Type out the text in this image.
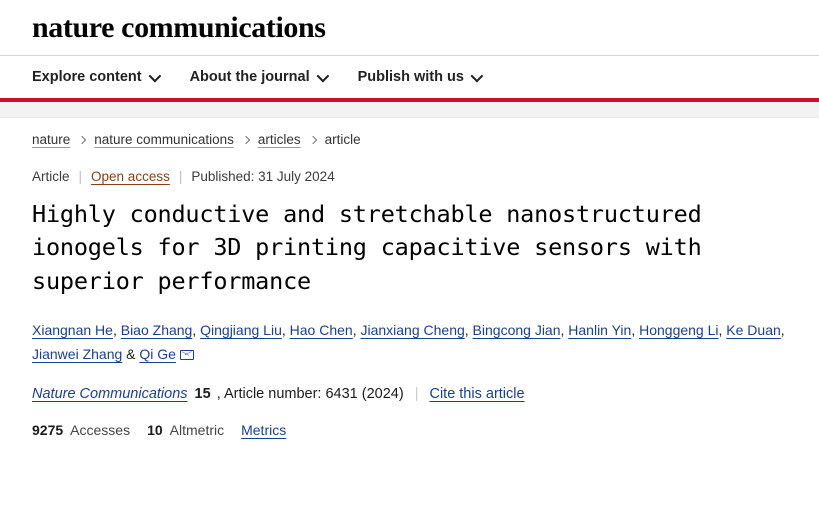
nature communications
Explore content	About the journal	Publish with us
nature nature communications articles article
Article | Open access | Published: 31 July 2024
Highly conductive and stretchable nanostructured ionogels for 3D printing capacitive sensors with superior performance
Xiangnan He, Biao Zhang, Qingjiang Liu, Hao Chen, Jianxiang Cheng, Bingcong Jian, Hanlin Yin, Honggeng Li, Ke Duan, Jianwei Zhang & Qi Ge
Nature Communications 15 , Article number: 6431 (2024) | Cite this article
9275 Accesses 10 Altmetric Metrics
